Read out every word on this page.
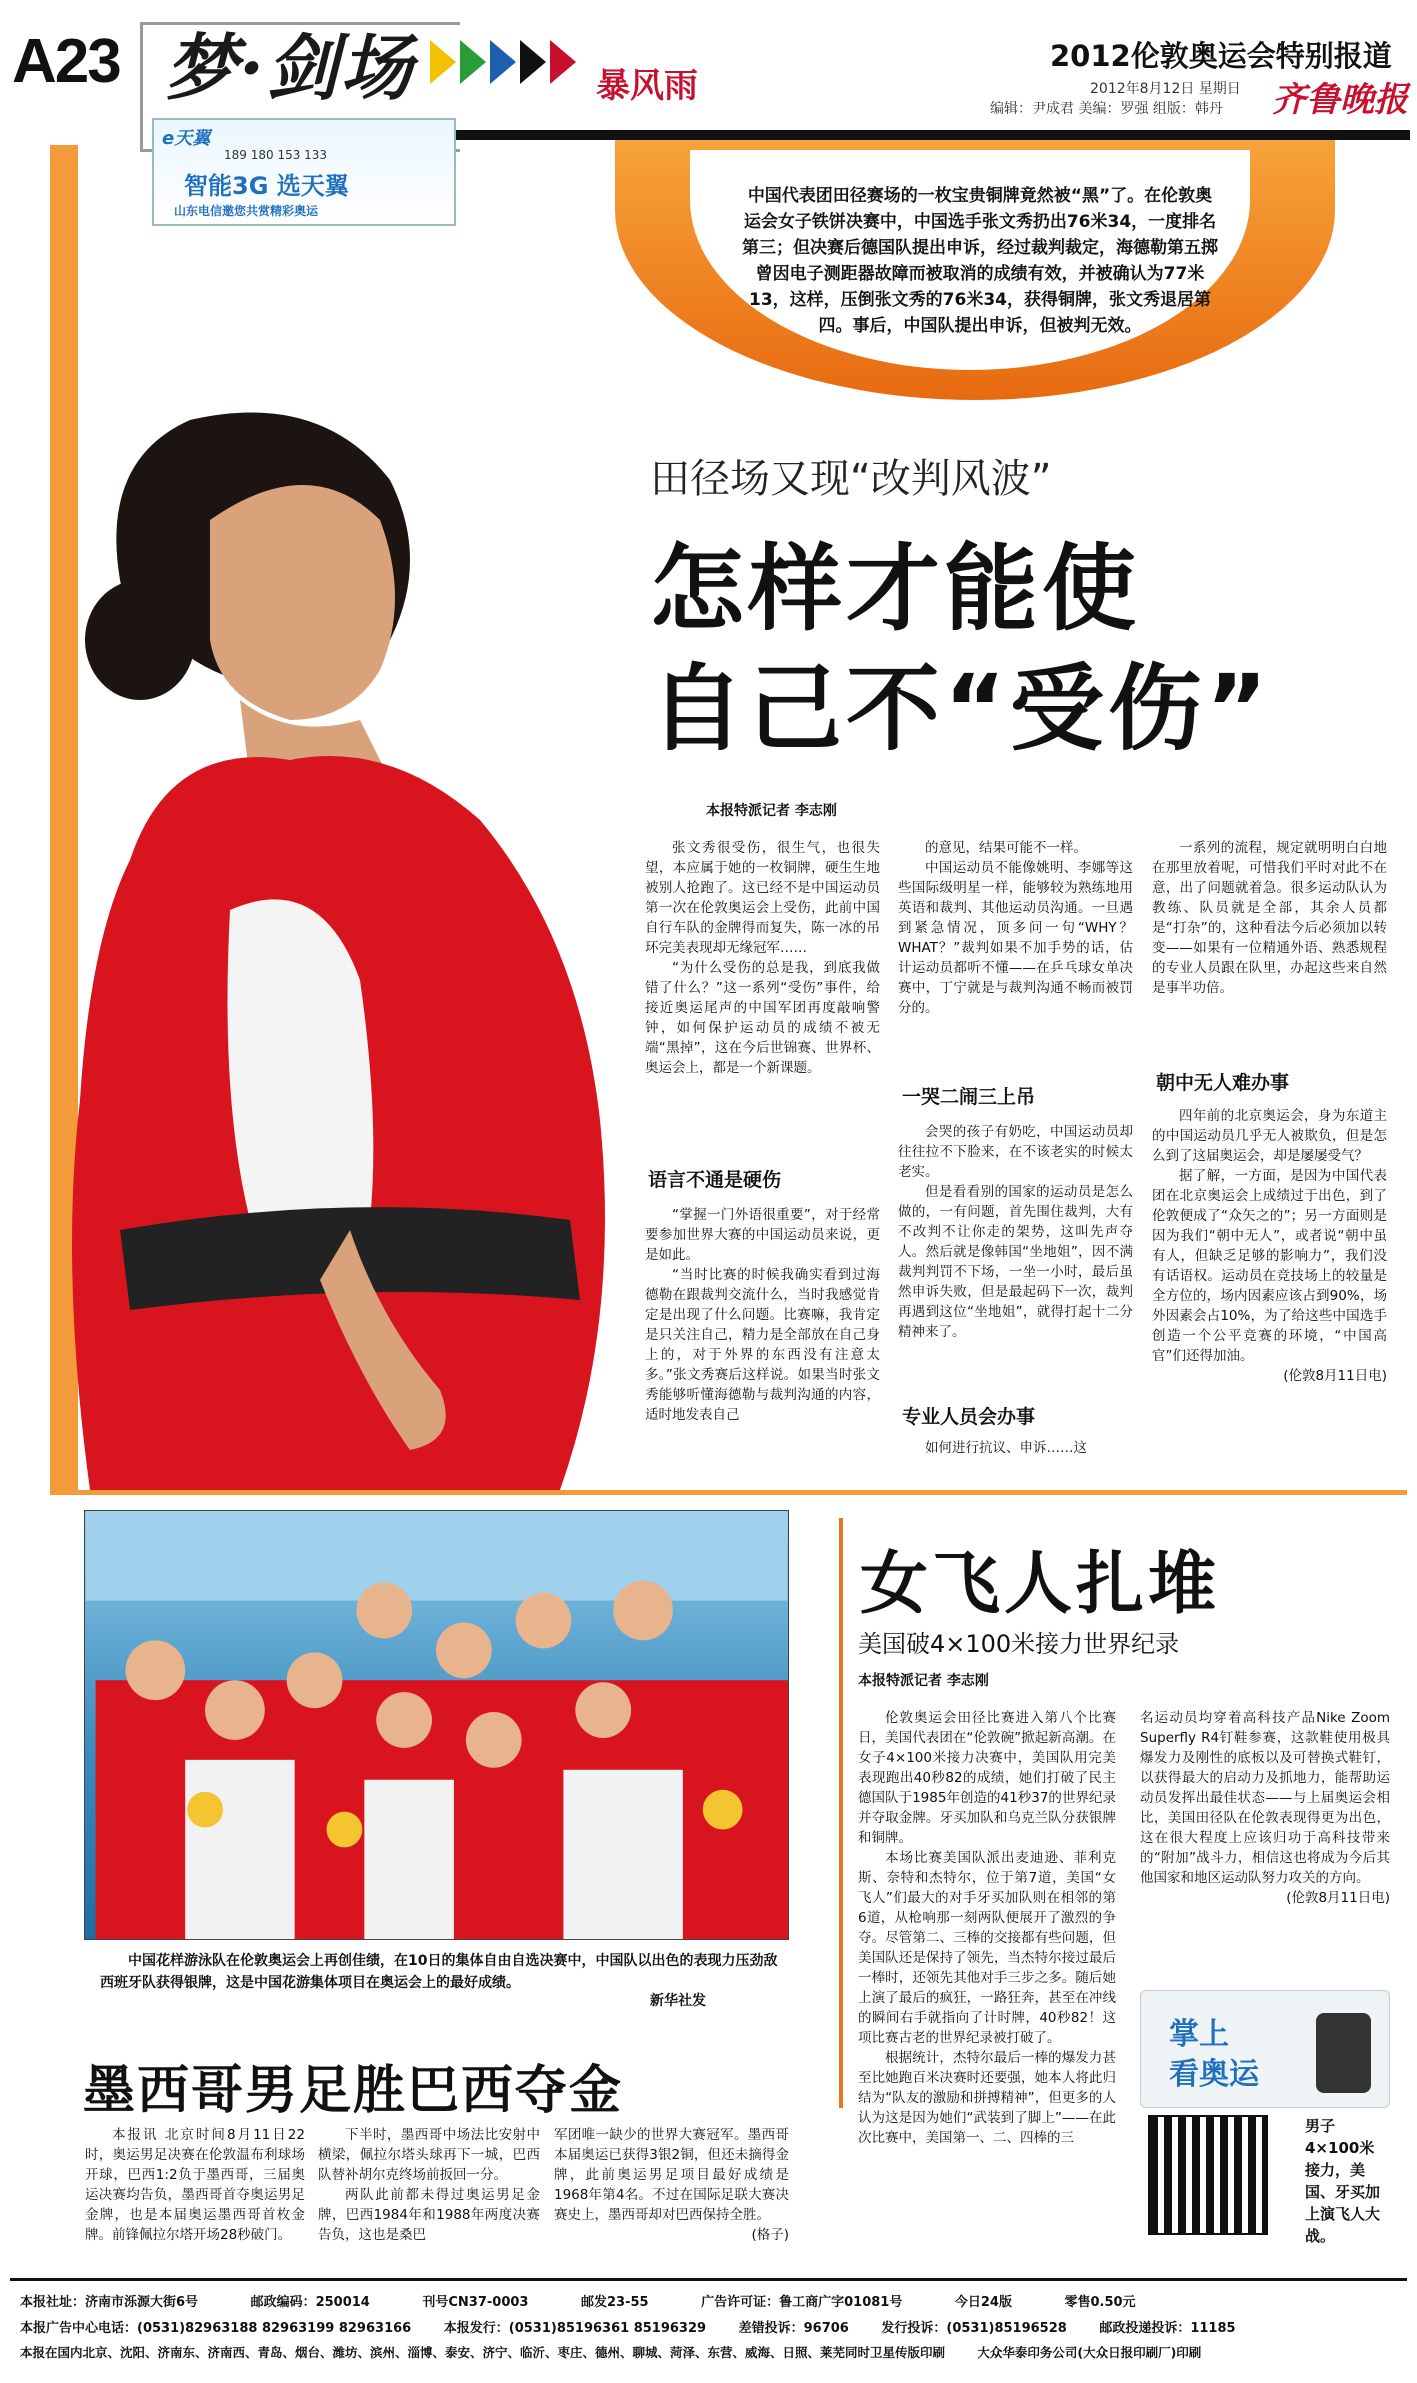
A23 梦·剑场	暴风雨
2012伦敦奥运会特别报道
2012年8月12日 星期日
编辑：尹成君 美编：罗强 组版：韩丹 齐鲁晚报
e天翼
189 180 153 133
智能3G 选天翼
山东电信邀您共赏精彩奥运
中国代表团田径赛场的一枚宝贵铜牌竟然被“黑”了。在伦敦奥运会女子铁饼决赛中，中国选手张文秀扔出76米34，一度排名第三；但决赛后德国队提出申诉，经过裁判裁定，海德勒第五掷曾因电子测距器故障而被取消的成绩有效，并被确认为77米13，这样，压倒张文秀的76米34，获得铜牌，张文秀退居第四。事后，中国队提出申诉，但被判无效。
田径场又现“改判风波”
怎样才能使
自己不“受伤”
本报特派记者 李志刚

张文秀很受伤，很生气，也很失望，本应属于她的一枚铜牌，硬生生地被别人抢跑了。这已经不是中国运动员第一次在伦敦奥运会上受伤，此前中国自行车队的金牌得而复失，陈一冰的吊环完美表现却无缘冠军……

“为什么受伤的总是我，到底我做错了什么？”这一系列“受伤”事件，给接近奥运尾声的中国军团再度敲响警钟，如何保护运动员的成绩不被无端“黑掉”，这在今后世锦赛、世界杯、奥运会上，都是一个新课题。

语言不通是硬伤

“掌握一门外语很重要”，对于经常要参加世界大赛的中国运动员来说，更是如此。

“当时比赛的时候我确实看到过海德勒在跟裁判交流什么，当时我感觉肯定是出现了什么问题。比赛嘛，我肯定是只关注自己，精力是全部放在自己身上的，对于外界的东西没有注意太多。”张文秀赛后这样说。如果当时张文秀能够听懂海德勒与裁判沟通的内容，适时地发表自己

的意见，结果可能不一样。

中国运动员不能像姚明、李娜等这些国际级明星一样，能够较为熟练地用英语和裁判、其他运动员沟通。一旦遇到紧急情况，顶多问一句“WHY？WHAT？”裁判如果不加手势的话，估计运动员都听不懂——在乒乓球女单决赛中，丁宁就是与裁判沟通不畅而被罚分的。

一哭二闹三上吊

会哭的孩子有奶吃，中国运动员却往往拉不下脸来，在不该老实的时候太老实。

但是看看别的国家的运动员是怎么做的，一有问题，首先围住裁判，大有不改判不让你走的架势，这叫先声夺人。然后就是像韩国“坐地姐”，因不满裁判判罚不下场，一坐一小时，最后虽然申诉失败，但是最起码下一次，裁判再遇到这位“坐地姐”，就得打起十二分精神来了。

专业人员会办事

如何进行抗议、申诉……这

一系列的流程，规定就明明白白地在那里放着呢，可惜我们平时对此不在意，出了问题就着急。很多运动队认为教练、队员就是全部，其余人员都是“打杂”的，这种看法今后必须加以转变——如果有一位精通外语、熟悉规程的专业人员跟在队里，办起这些来自然是事半功倍。

朝中无人难办事

四年前的北京奥运会，身为东道主的中国运动员几乎无人被欺负，但是怎么到了这届奥运会，却是屡屡受气？

据了解，一方面，是因为中国代表团在北京奥运会上成绩过于出色，到了伦敦便成了“众矢之的”；另一方面则是因为我们“朝中无人”，或者说“朝中虽有人，但缺乏足够的影响力”，我们没有话语权。运动员在竞技场上的较量是全方位的，场内因素应该占到90%，场外因素会占10%，为了给这些中国选手创造一个公平竞赛的环境，“中国高官”们还得加油。

(伦敦8月11日电)

中国花样游泳队在伦敦奥运会上再创佳绩，在10日的集体自由自选决赛中，中国队以出色的表现力压劲敌西班牙队获得银牌，这是中国花游集体项目在奥运会上的最好成绩。
新华社发
墨西哥男足胜巴西夺金

本报讯 北京时间8月11日22时，奥运男足决赛在伦敦温布利球场开球，巴西1:2负于墨西哥，三届奥运决赛均告负，墨西哥首夺奥运男足金牌，也是本届奥运墨西哥首枚金牌。前锋佩拉尔塔开场28秒破门。

下半时，墨西哥中场法比安射中横梁，佩拉尔塔头球再下一城，巴西队替补胡尔克终场前扳回一分。

两队此前都未得过奥运男足金牌，巴西1984年和1988年两度决赛告负，这也是桑巴

军团唯一缺少的世界大赛冠军。墨西哥本届奥运已获得3银2铜，但还未摘得金牌，此前奥运男足项目最好成绩是1968年第4名。不过在国际足联大赛决赛史上，墨西哥却对巴西保持全胜。

(格子)

女飞人扎堆
美国破4×100米接力世界纪录
本报特派记者 李志刚

伦敦奥运会田径比赛进入第八个比赛日，美国代表团在“伦敦碗”掀起新高潮。在女子4×100米接力决赛中，美国队用完美表现跑出40秒82的成绩，她们打破了民主德国队于1985年创造的41秒37的世界纪录并夺取金牌。牙买加队和乌克兰队分获银牌和铜牌。

本场比赛美国队派出麦迪逊、菲利克斯、奈特和杰特尔，位于第7道，美国“女飞人”们最大的对手牙买加队则在相邻的第6道，从枪响那一刻两队便展开了激烈的争夺。尽管第二、三棒的交接都有些问题，但美国队还是保持了领先，当杰特尔接过最后一棒时，还领先其他对手三步之多。随后她上演了最后的疯狂，一路狂奔，甚至在冲线的瞬间右手就指向了计时牌，40秒82！这项比赛古老的世界纪录被打破了。

根据统计，杰特尔最后一棒的爆发力甚至比她跑百米决赛时还要强，她本人将此归结为“队友的激励和拼搏精神”，但更多的人认为这是因为她们“武装到了脚上”——在此次比赛中，美国第一、二、四棒的三

名运动员均穿着高科技产品Nike Zoom Superfly R4钉鞋参赛，这款鞋使用极具爆发力及刚性的底板以及可替换式鞋钉，以获得最大的启动力及抓地力，能帮助运动员发挥出最佳状态——与上届奥运会相比，美国田径队在伦敦表现得更为出色，这在很大程度上应该归功于高科技带来的“附加”战斗力，相信这也将成为今后其他国家和地区运动队努力攻关的方向。

(伦敦8月11日电)

掌上
看奥运
男子4×100米接力，美国、牙买加上演飞人大战。
本报社址：济南市泺源大街6号	邮政编码：250014	刊号CN37-0003	邮发23-55	广告许可证：鲁工商广字01081号	今日24版	零售0.50元
本报广告中心电话：(0531)82963188 82963199 82963166	本报发行：(0531)85196361 85196329	差错投诉：96706	发行投诉：(0531)85196528	邮政投递投诉：11185
本报在国内北京、沈阳、济南东、济南西、青岛、烟台、潍坊、滨州、淄博、泰安、济宁、临沂、枣庄、德州、聊城、菏泽、东营、威海、日照、莱芜同时卫星传版印刷	大众华泰印务公司(大众日报印刷厂)印刷
